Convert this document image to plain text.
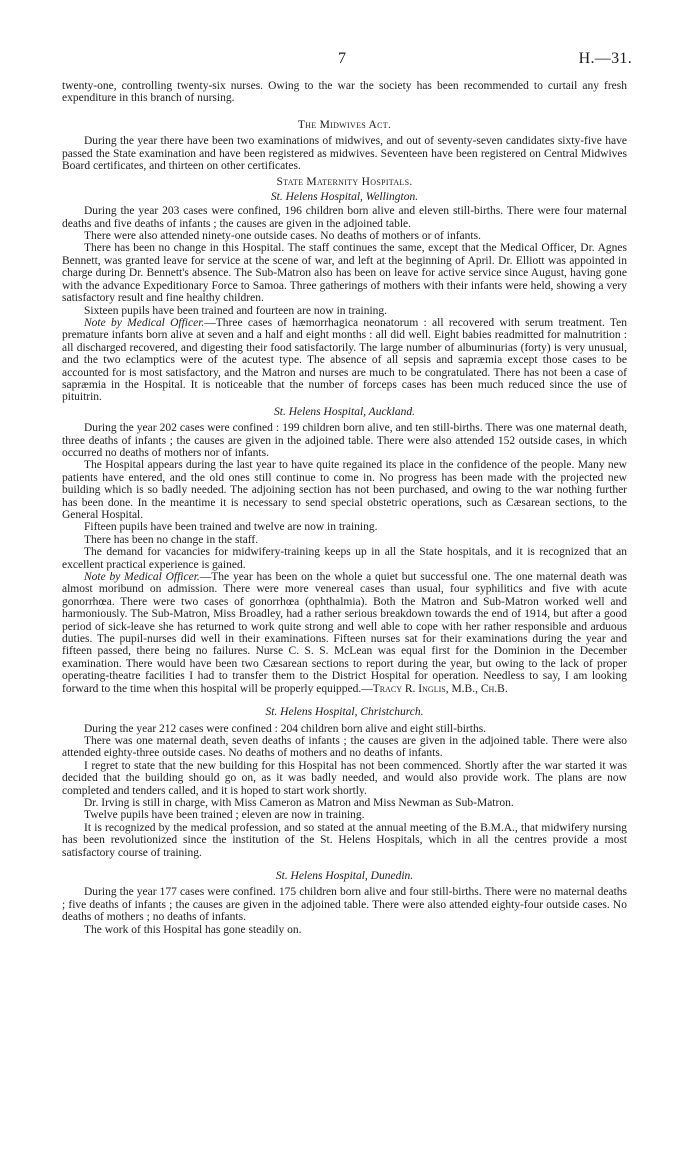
7	H.—31.

twenty-one, controlling twenty-six nurses. Owing to the war the society has been recommended to curtail any fresh expenditure in this branch of nursing.

The Midwives Act.

During the year there have been two examinations of midwives, and out of seventy-seven candidates sixty-five have passed the State examination and have been registered as midwives. Seventeen have been registered on Central Midwives Board certificates, and thirteen on other certificates.

State Maternity Hospitals.
St. Helens Hospital, Wellington.

During the year 203 cases were confined, 196 children born alive and eleven still-births. There were four maternal deaths and five deaths of infants ; the causes are given in the adjoined table.

There were also attended ninety-one outside cases. No deaths of mothers or of infants.

There has been no change in this Hospital. The staff continues the same, except that the Medical Officer, Dr. Agnes Bennett, was granted leave for service at the scene of war, and left at the beginning of April. Dr. Elliott was appointed in charge during Dr. Bennett's absence. The Sub-Matron also has been on leave for active service since August, having gone with the advance Expeditionary Force to Samoa. Three gatherings of mothers with their infants were held, showing a very satisfactory result and fine healthy children.

Sixteen pupils have been trained and fourteen are now in training.

Note by Medical Officer.—Three cases of hæmorrhagica neonatorum : all recovered with serum treatment. Ten premature infants born alive at seven and a half and eight months : all did well. Eight babies readmitted for malnutrition : all discharged recovered, and digesting their food satisfactorily. The large number of albuminurias (forty) is very unusual, and the two eclamptics were of the acutest type. The absence of all sepsis and sapræmia except those cases to be accounted for is most satisfactory, and the Matron and nurses are much to be congratulated. There has not been a case of sapræmia in the Hospital. It is noticeable that the number of forceps cases has been much reduced since the use of pituitrin.

St. Helens Hospital, Auckland.

During the year 202 cases were confined : 199 children born alive, and ten still-births. There was one maternal death, three deaths of infants ; the causes are given in the adjoined table. There were also attended 152 outside cases, in which occurred no deaths of mothers nor of infants.

The Hospital appears during the last year to have quite regained its place in the confidence of the people. Many new patients have entered, and the old ones still continue to come in. No progress has been made with the projected new building which is so badly needed. The adjoining section has not been purchased, and owing to the war nothing further has been done. In the meantime it is necessary to send special obstetric operations, such as Cæsarean sections, to the General Hospital.

Fifteen pupils have been trained and twelve are now in training.

There has been no change in the staff.

The demand for vacancies for midwifery-training keeps up in all the State hospitals, and it is recognized that an excellent practical experience is gained.

Note by Medical Officer.—The year has been on the whole a quiet but successful one. The one maternal death was almost moribund on admission. There were more venereal cases than usual, four syphilitics and five with acute gonorrhœa. There were two cases of gonorrhœa (ophthalmia). Both the Matron and Sub-Matron worked well and harmoniously. The Sub-Matron, Miss Broadley, had a rather serious breakdown towards the end of 1914, but after a good period of sick-leave she has returned to work quite strong and well able to cope with her rather responsible and arduous duties. The pupil-nurses did well in their examinations. Fifteen nurses sat for their examinations during the year and fifteen passed, there being no failures. Nurse C. S. S. McLean was equal first for the Dominion in the December examination. There would have been two Cæsarean sections to report during the year, but owing to the lack of proper operating-theatre facilities I had to transfer them to the District Hospital for operation. Needless to say, I am looking forward to the time when this hospital will be properly equipped.—Tracy R. Inglis, M.B., Ch.B.

St. Helens Hospital, Christchurch.

During the year 212 cases were confined : 204 children born alive and eight still-births.

There was one maternal death, seven deaths of infants ; the causes are given in the adjoined table. There were also attended eighty-three outside cases. No deaths of mothers and no deaths of infants.

I regret to state that the new building for this Hospital has not been commenced. Shortly after the war started it was decided that the building should go on, as it was badly needed, and would also provide work. The plans are now completed and tenders called, and it is hoped to start work shortly.

Dr. Irving is still in charge, with Miss Cameron as Matron and Miss Newman as Sub-Matron.

Twelve pupils have been trained ; eleven are now in training.

It is recognized by the medical profession, and so stated at the annual meeting of the B.M.A., that midwifery nursing has been revolutionized since the institution of the St. Helens Hospitals, which in all the centres provide a most satisfactory course of training.

St. Helens Hospital, Dunedin.

During the year 177 cases were confined. 175 children born alive and four still-births. There were no maternal deaths ; five deaths of infants ; the causes are given in the adjoined table. There were also attended eighty-four outside cases. No deaths of mothers ; no deaths of infants.

The work of this Hospital has gone steadily on.
